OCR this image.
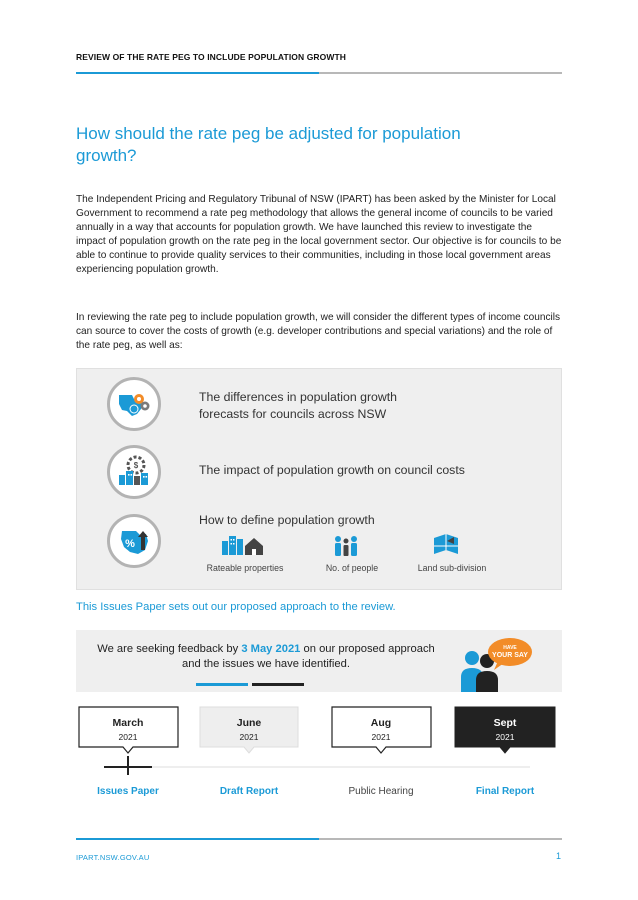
REVIEW OF THE RATE PEG TO INCLUDE POPULATION GROWTH
How should the rate peg be adjusted for population growth?

The Independent Pricing and Regulatory Tribunal of NSW (IPART) has been asked by the Minister for Local Government to recommend a rate peg methodology that allows the general income of councils to be varied annually in a way that accounts for population growth. We have launched this review to investigate the impact of population growth on the rate peg in the local government sector. Our objective is for councils to be able to continue to provide quality services to their communities, including in those local government areas experiencing population growth.

In reviewing the rate peg to include population growth, we will consider the different types of income councils can source to cover the costs of growth (e.g. developer contributions and special variations) and the role of the rate peg, as well as:

$
%
The differences in population growth forecasts for councils across NSW
The impact of population growth on council costs
How to define population growth
Rateable properties	No. of people	Land sub-division
This Issues Paper sets out our proposed approach to the review.
We are seeking feedback by 3 May 2021 on our proposed approach and the issues we have identified.
HAVE
YOUR SAY
March
2021
June
2021
Aug
2021
Sept
2021
Issues Paper	Draft Report	Public Hearing	Final Report
IPART.NSW.GOV.AU	1
